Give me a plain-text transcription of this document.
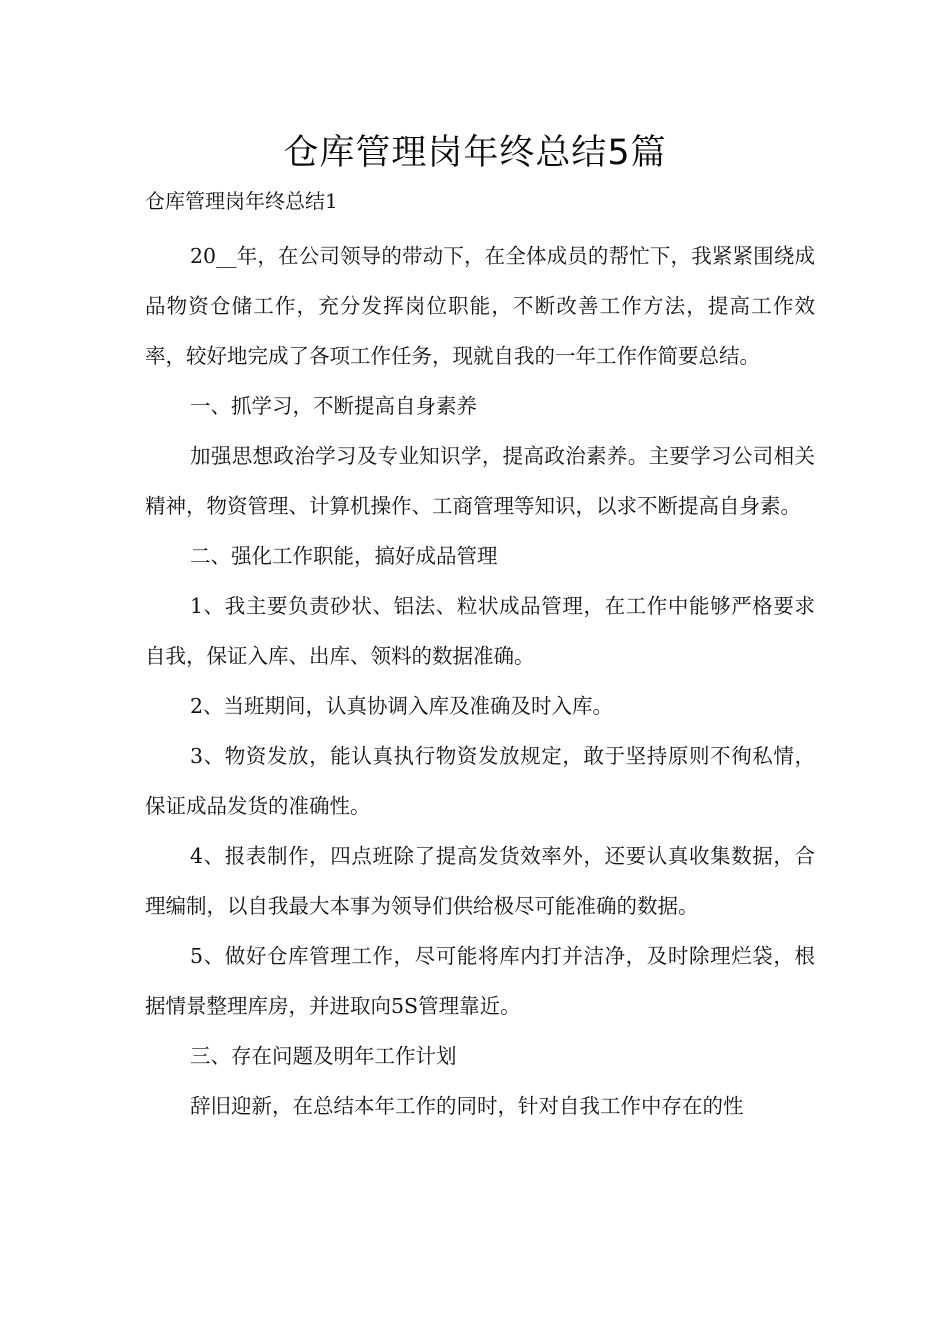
仓库管理岗年终总结5篇
仓库管理岗年终总结1

20__年，在公司领导的带动下，在全体成员的帮忙下，我紧紧围绕成品物资仓储工作，充分发挥岗位职能，不断改善工作方法，提高工作效率，较好地完成了各项工作任务，现就自我的一年工作作简要总结。

一、抓学习，不断提高自身素养

加强思想政治学习及专业知识学，提高政治素养。主要学习公司相关精神，物资管理、计算机操作、工商管理等知识，以求不断提高自身素。

二、强化工作职能，搞好成品管理

1、我主要负责砂状、铝法、粒状成品管理，在工作中能够严格要求自我，保证入库、出库、领料的数据准确。

2、当班期间，认真协调入库及准确及时入库。

3、物资发放，能认真执行物资发放规定，敢于坚持原则不徇私情，保证成品发货的准确性。

4、报表制作，四点班除了提高发货效率外，还要认真收集数据，合理编制，以自我最大本事为领导们供给极尽可能准确的数据。

5、做好仓库管理工作，尽可能将库内打并洁净，及时除理烂袋，根据情景整理库房，并进取向5S管理靠近。

三、存在问题及明年工作计划

辞旧迎新，在总结本年工作的同时，针对自我工作中存在的性
